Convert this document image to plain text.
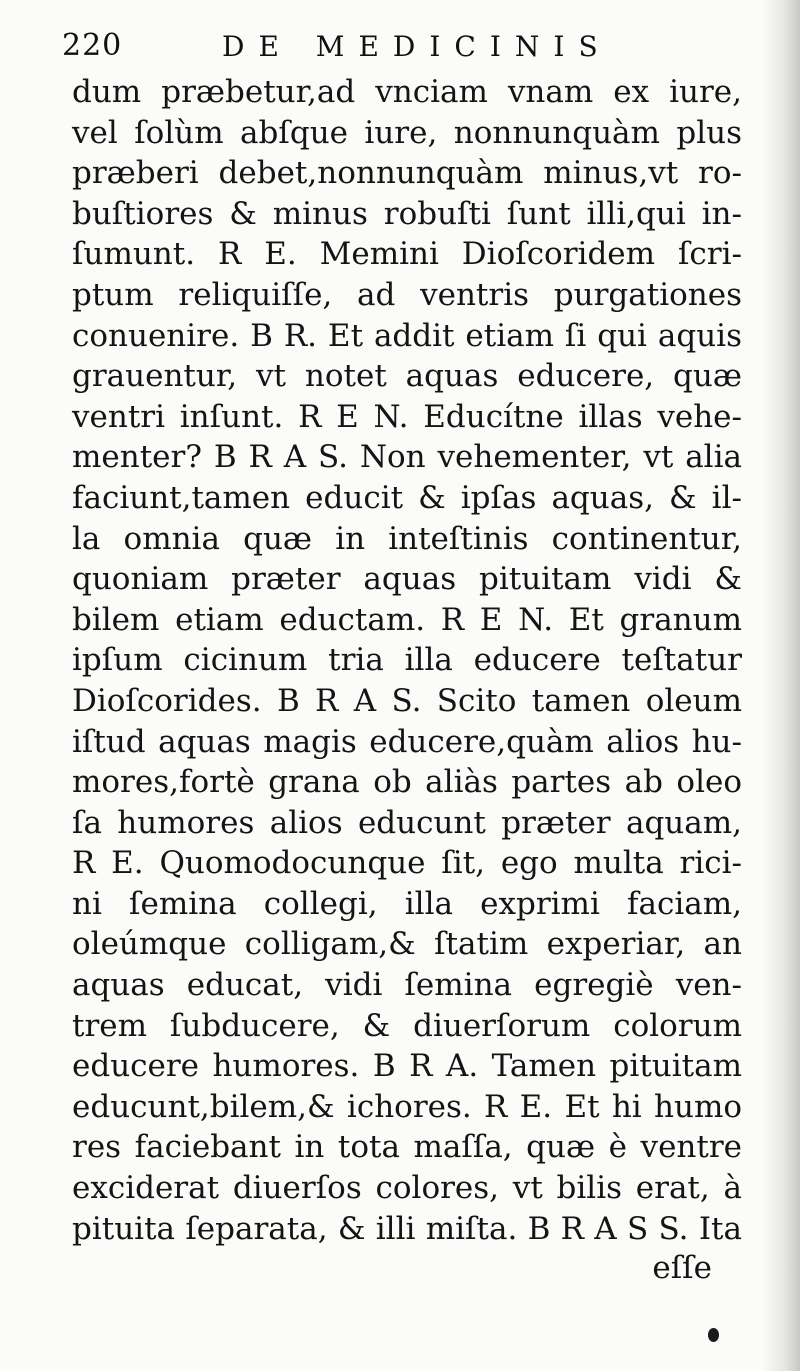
220	DE MEDICINIS
dum præbetur,ad vnciam vnam ex iure,
vel ſolùm abſque iure, nonnunquàm plus
præberi debet,nonnunquàm minus,vt ro-
buſtiores & minus robuſti ſunt illi,qui in-
ſumunt. R E. Memini Dioſcoridem ſcri-
ptum reliquiſſe, ad ventris purgationes
conuenire. B R. Et addit etiam ſi qui aquis
grauentur, vt notet aquas educere, quæ
ventri inſunt. R E N. Educítne illas vehe-
menter? B R A S. Non vehementer, vt alia
faciunt,tamen educit & ipſas aquas, & il-
la omnia quæ in inteſtinis continentur,
quoniam præter aquas pituitam vidi &
bilem etiam eductam. R E N. Et granum
ipſum cicinum tria illa educere teſtatur
Dioſcorides. B R A S. Scito tamen oleum
iſtud aquas magis educere,quàm alios hu-
mores,fortè grana ob aliàs partes ab oleo
ſa humores alios educunt præter aquam,
R E. Quomodocunque ſit, ego multa rici-
ni ſemina collegi, illa exprimi faciam,
oleúmque colligam,& ſtatim experiar, an
aquas educat, vidi ſemina egregiè ven-
trem ſubducere, & diuerſorum colorum
educere humores. B R A. Tamen pituitam
educunt,bilem,& ichores. R E. Et hi humo
res faciebant in tota maſſa, quæ è ventre
exciderat diuerſos colores, vt bilis erat, à
pituita ſeparata, & illi miſta. B R A S S. Ita
eſſe
